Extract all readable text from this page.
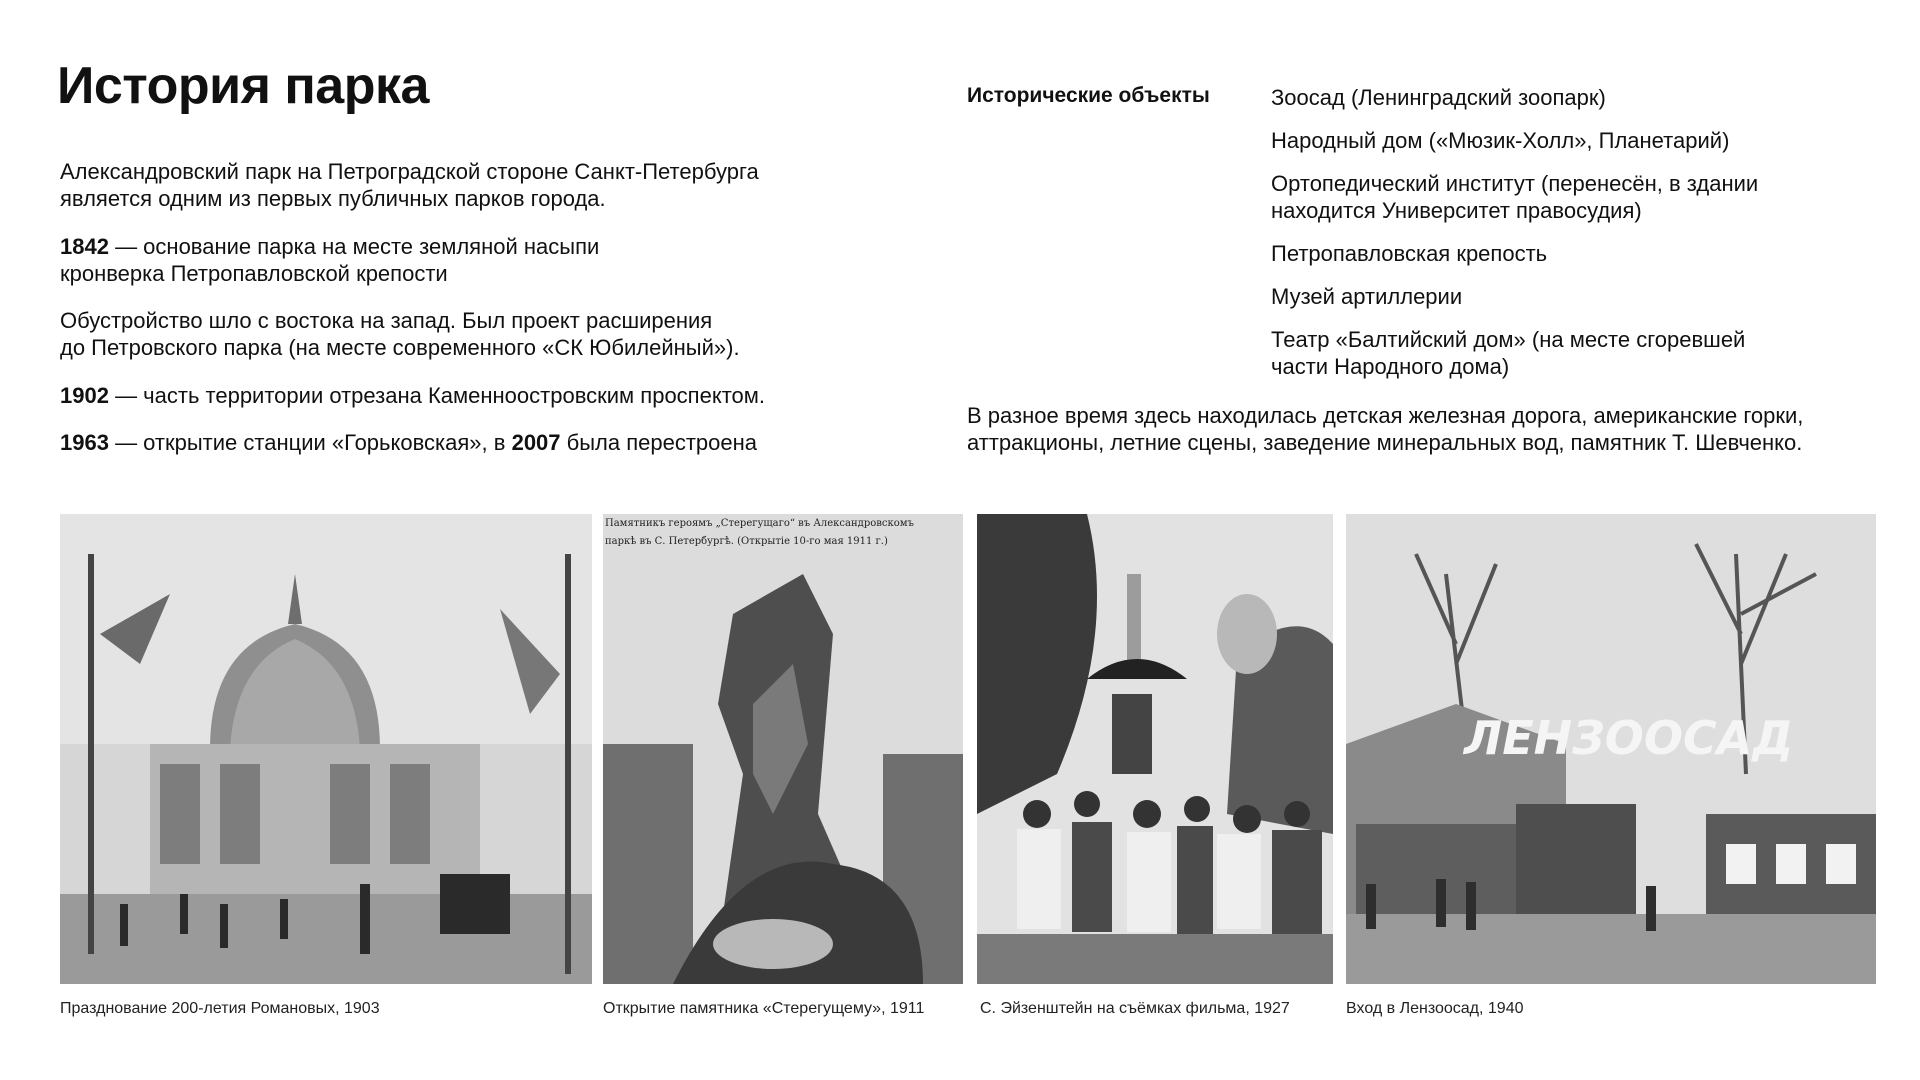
История парка

Александровский парк на Петроградской стороне Санкт-Петербурга
является одним из первых публичных парков города.

1842 — основание парка на месте земляной насыпи
кронверка Петропавловской крепости

Обустройство шло с востока на запад. Был проект расширения
до Петровского парка (на месте современного «СК Юбилейный»).

1902 — часть территории отрезана Каменноостровским проспектом.

1963 — открытие станции «Горьковская», в 2007 была перестроена

Исторические объекты	Зоосад (Ленинградский зоопарк)
Народный дом («Мюзик-Холл», Планетарий)
Ортопедический институт (перенесён, в здании
находится Университет правосудия)
Петропавловская крепость
Музей артиллерии
Театр «Балтийский дом» (на месте сгоревшей
части Народного дома)

В разное время здесь находилась детская железная дорога, американские горки,
аттракционы, летние сцены, заведение минеральных вод, памятник Т. Шевченко.

Празднование 200-летия Романовых, 1903
Памятникъ героямъ „Стерегущаго“ въ Александровскомъ
паркѣ въ С. Петербургѣ. (Открытіе 10-го мая 1911 г.)
Открытие памятника «Стерегущему», 1911	С. Эйзенштейн на съёмках фильма, 1927
ЛЕНЗООСАД
Вход в Лензоосад, 1940
